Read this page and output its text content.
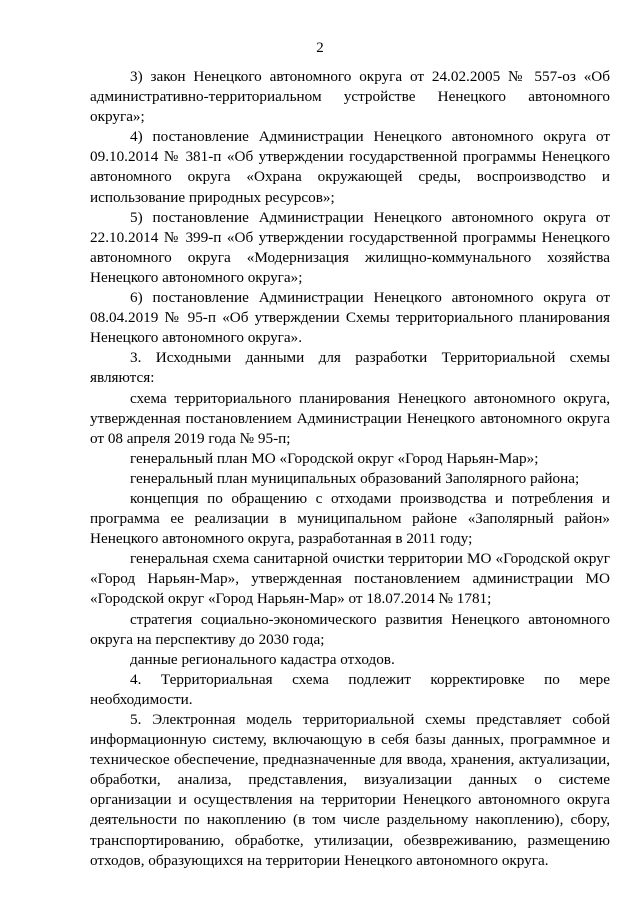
2

3) закон Ненецкого автономного округа от 24.02.2005 № 557-оз «Об административно-территориальном устройстве Ненецкого автономного округа»;

4) постановление Администрации Ненецкого автономного округа от 09.10.2014 № 381-п «Об утверждении государственной программы Ненецкого автономного округа «Охрана окружающей среды, воспроизводство и использование природных ресурсов»;

5) постановление Администрации Ненецкого автономного округа от 22.10.2014 № 399-п «Об утверждении государственной программы Ненецкого автономного округа «Модернизация жилищно-коммунального хозяйства Ненецкого автономного округа»;

6) постановление Администрации Ненецкого автономного округа от 08.04.2019 № 95-п «Об утверждении Схемы территориального планирования Ненецкого автономного округа».

3. Исходными данными для разработки Территориальной схемы являются:

схема территориального планирования Ненецкого автономного округа, утвержденная постановлением Администрации Ненецкого автономного округа от 08 апреля 2019 года № 95-п;

генеральный план МО «Городской округ «Город Нарьян-Мар»;

генеральный план муниципальных образований Заполярного района;

концепция по обращению с отходами производства и потребления и программа ее реализации в муниципальном районе «Заполярный район» Ненецкого автономного округа, разработанная в 2011 году;

генеральная схема санитарной очистки территории МО «Городской округ «Город Нарьян-Мар», утвержденная постановлением администрации МО «Городской округ «Город Нарьян-Мар» от 18.07.2014 № 1781;

стратегия социально-экономического развития Ненецкого автономного округа на перспективу до 2030 года;

данные регионального кадастра отходов.

4. Территориальная схема подлежит корректировке по мере необходимости.

5. Электронная модель территориальной схемы представляет собой информационную систему, включающую в себя базы данных, программное и техническое обеспечение, предназначенные для ввода, хранения, актуализации, обработки, анализа, представления, визуализации данных о системе организации и осуществления на территории Ненецкого автономного округа деятельности по накоплению (в том числе раздельному накоплению), сбору, транспортированию, обработке, утилизации, обезвреживанию, размещению отходов, образующихся на территории Ненецкого автономного округа.
